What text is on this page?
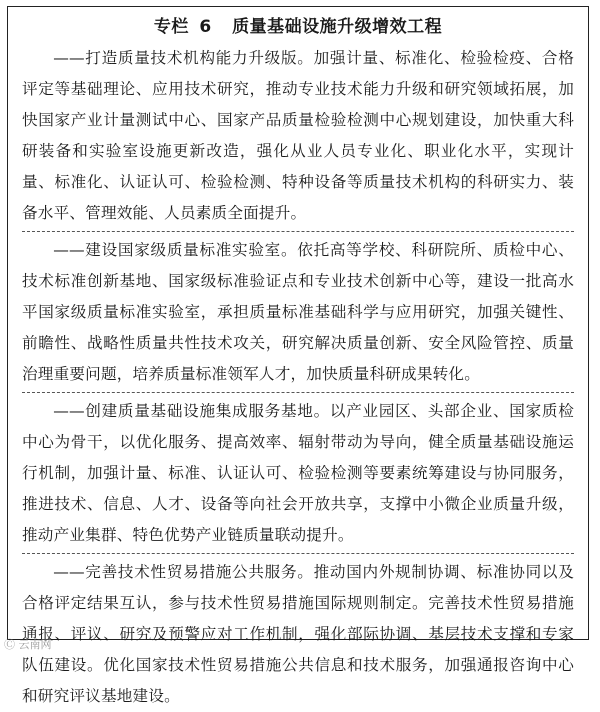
专栏 6 质量基础设施升级增效工程

——打造质量技术机构能力升级版。加强计量、标准化、检验检疫、合格评定等基础理论、应用技术研究，推动专业技术能力升级和研究领域拓展，加快国家产业计量测试中心、国家产品质量检验检测中心规划建设，加快重大科研装备和实验室设施更新改造，强化从业人员专业化、职业化水平，实现计量、标准化、认证认可、检验检测、特种设备等质量技术机构的科研实力、装备水平、管理效能、人员素质全面提升。

——建设国家级质量标准实验室。依托高等学校、科研院所、质检中心、技术标准创新基地、国家级标准验证点和专业技术创新中心等，建设一批高水平国家级质量标准实验室，承担质量标准基础科学与应用研究，加强关键性、前瞻性、战略性质量共性技术攻关，研究解决质量创新、安全风险管控、质量治理重要问题，培养质量标准领军人才，加快质量科研成果转化。

——创建质量基础设施集成服务基地。以产业园区、头部企业、国家质检中心为骨干，以优化服务、提高效率、辐射带动为导向，健全质量基础设施运行机制，加强计量、标准、认证认可、检验检测等要素统筹建设与协同服务，推进技术、信息、人才、设备等向社会开放共享，支撑中小微企业质量升级，推动产业集群、特色优势产业链质量联动提升。

——完善技术性贸易措施公共服务。推动国内外规制协调、标准协同以及合格评定结果互认，参与技术性贸易措施国际规则制定。完善技术性贸易措施通报、评议、研究及预警应对工作机制，强化部际协调、基层技术支撑和专家队伍建设。优化国家技术性贸易措施公共信息和技术服务，加强通报咨询中心和研究评议基地建设。

Ⓒ 云南网
